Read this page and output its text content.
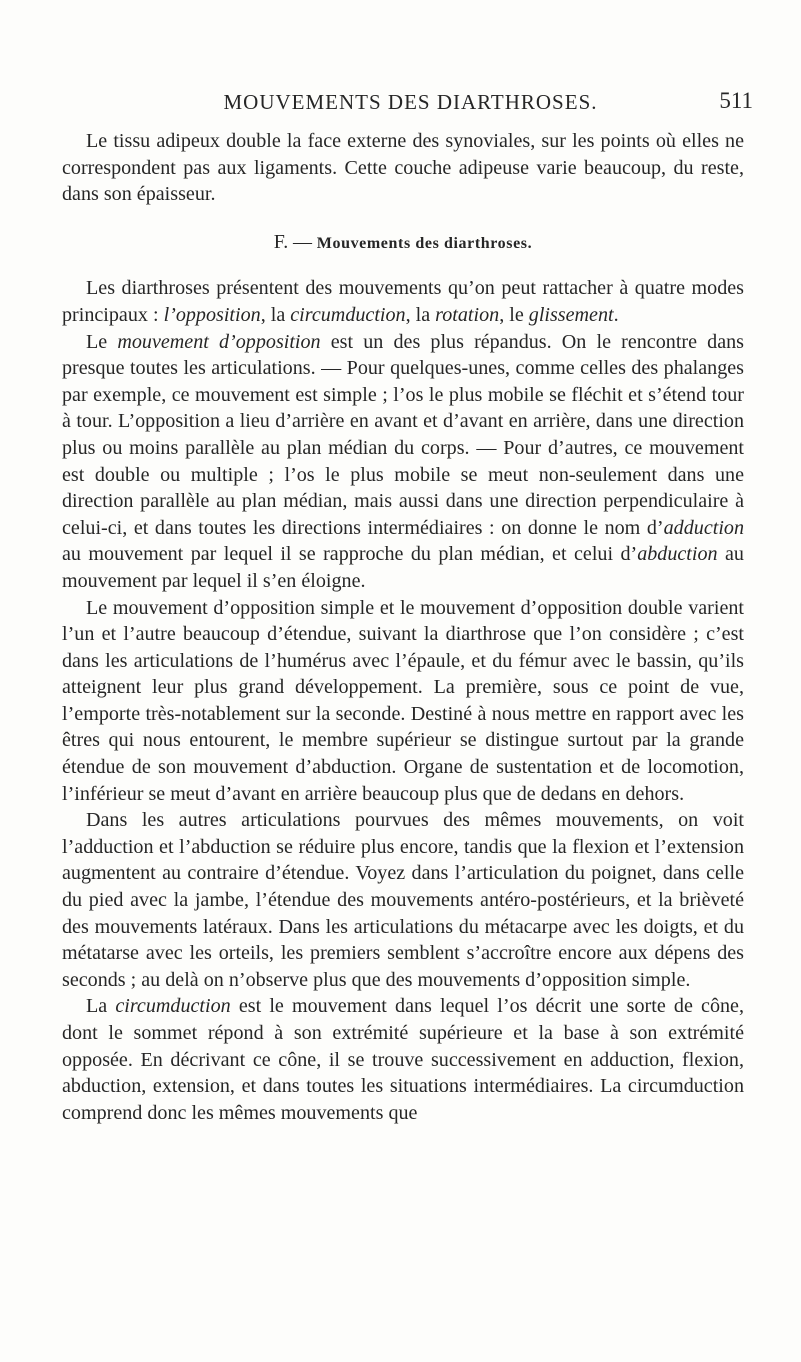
MOUVEMENTS DES DIARTHROSES.	511

Le tissu adipeux double la face externe des synoviales, sur les points où elles ne correspondent pas aux ligaments. Cette couche adipeuse varie beaucoup, du reste, dans son épaisseur.

F. — Mouvements des diarthroses.

Les diarthroses présentent des mouvements qu’on peut rattacher à quatre modes principaux : l’opposition, la circumduction, la rotation, le glissement.

Le mouvement d’opposition est un des plus répandus. On le rencontre dans presque toutes les articulations. — Pour quelques-unes, comme celles des phalanges par exemple, ce mouvement est simple ; l’os le plus mobile se fléchit et s’étend tour à tour. L’opposition a lieu d’arrière en avant et d’avant en arrière, dans une direction plus ou moins parallèle au plan médian du corps. — Pour d’autres, ce mouvement est double ou multiple ; l’os le plus mobile se meut non-seulement dans une direction parallèle au plan médian, mais aussi dans une direction perpendiculaire à celui-ci, et dans toutes les directions intermédiaires : on donne le nom d’adduction au mouvement par lequel il se rapproche du plan médian, et celui d’abduction au mouvement par lequel il s’en éloigne.

Le mouvement d’opposition simple et le mouvement d’opposition double varient l’un et l’autre beaucoup d’étendue, suivant la diarthrose que l’on considère ; c’est dans les articulations de l’humérus avec l’épaule, et du fémur avec le bassin, qu’ils atteignent leur plus grand développement. La première, sous ce point de vue, l’emporte très-notablement sur la seconde. Destiné à nous mettre en rapport avec les êtres qui nous entourent, le membre supérieur se distingue surtout par la grande étendue de son mouvement d’abduction. Organe de sustentation et de locomotion, l’inférieur se meut d’avant en arrière beaucoup plus que de dedans en dehors.

Dans les autres articulations pourvues des mêmes mouvements, on voit l’adduction et l’abduction se réduire plus encore, tandis que la flexion et l’extension augmentent au contraire d’étendue. Voyez dans l’articulation du poignet, dans celle du pied avec la jambe, l’étendue des mouvements antéro-postérieurs, et la brièveté des mouvements latéraux. Dans les articulations du métacarpe avec les doigts, et du métatarse avec les orteils, les premiers semblent s’accroître encore aux dépens des seconds ; au delà on n’observe plus que des mouvements d’opposition simple.

La circumduction est le mouvement dans lequel l’os décrit une sorte de cône, dont le sommet répond à son extrémité supérieure et la base à son extrémité opposée. En décrivant ce cône, il se trouve successivement en adduction, flexion, abduction, extension, et dans toutes les situations intermédiaires. La circumduction comprend donc les mêmes mouvements que
